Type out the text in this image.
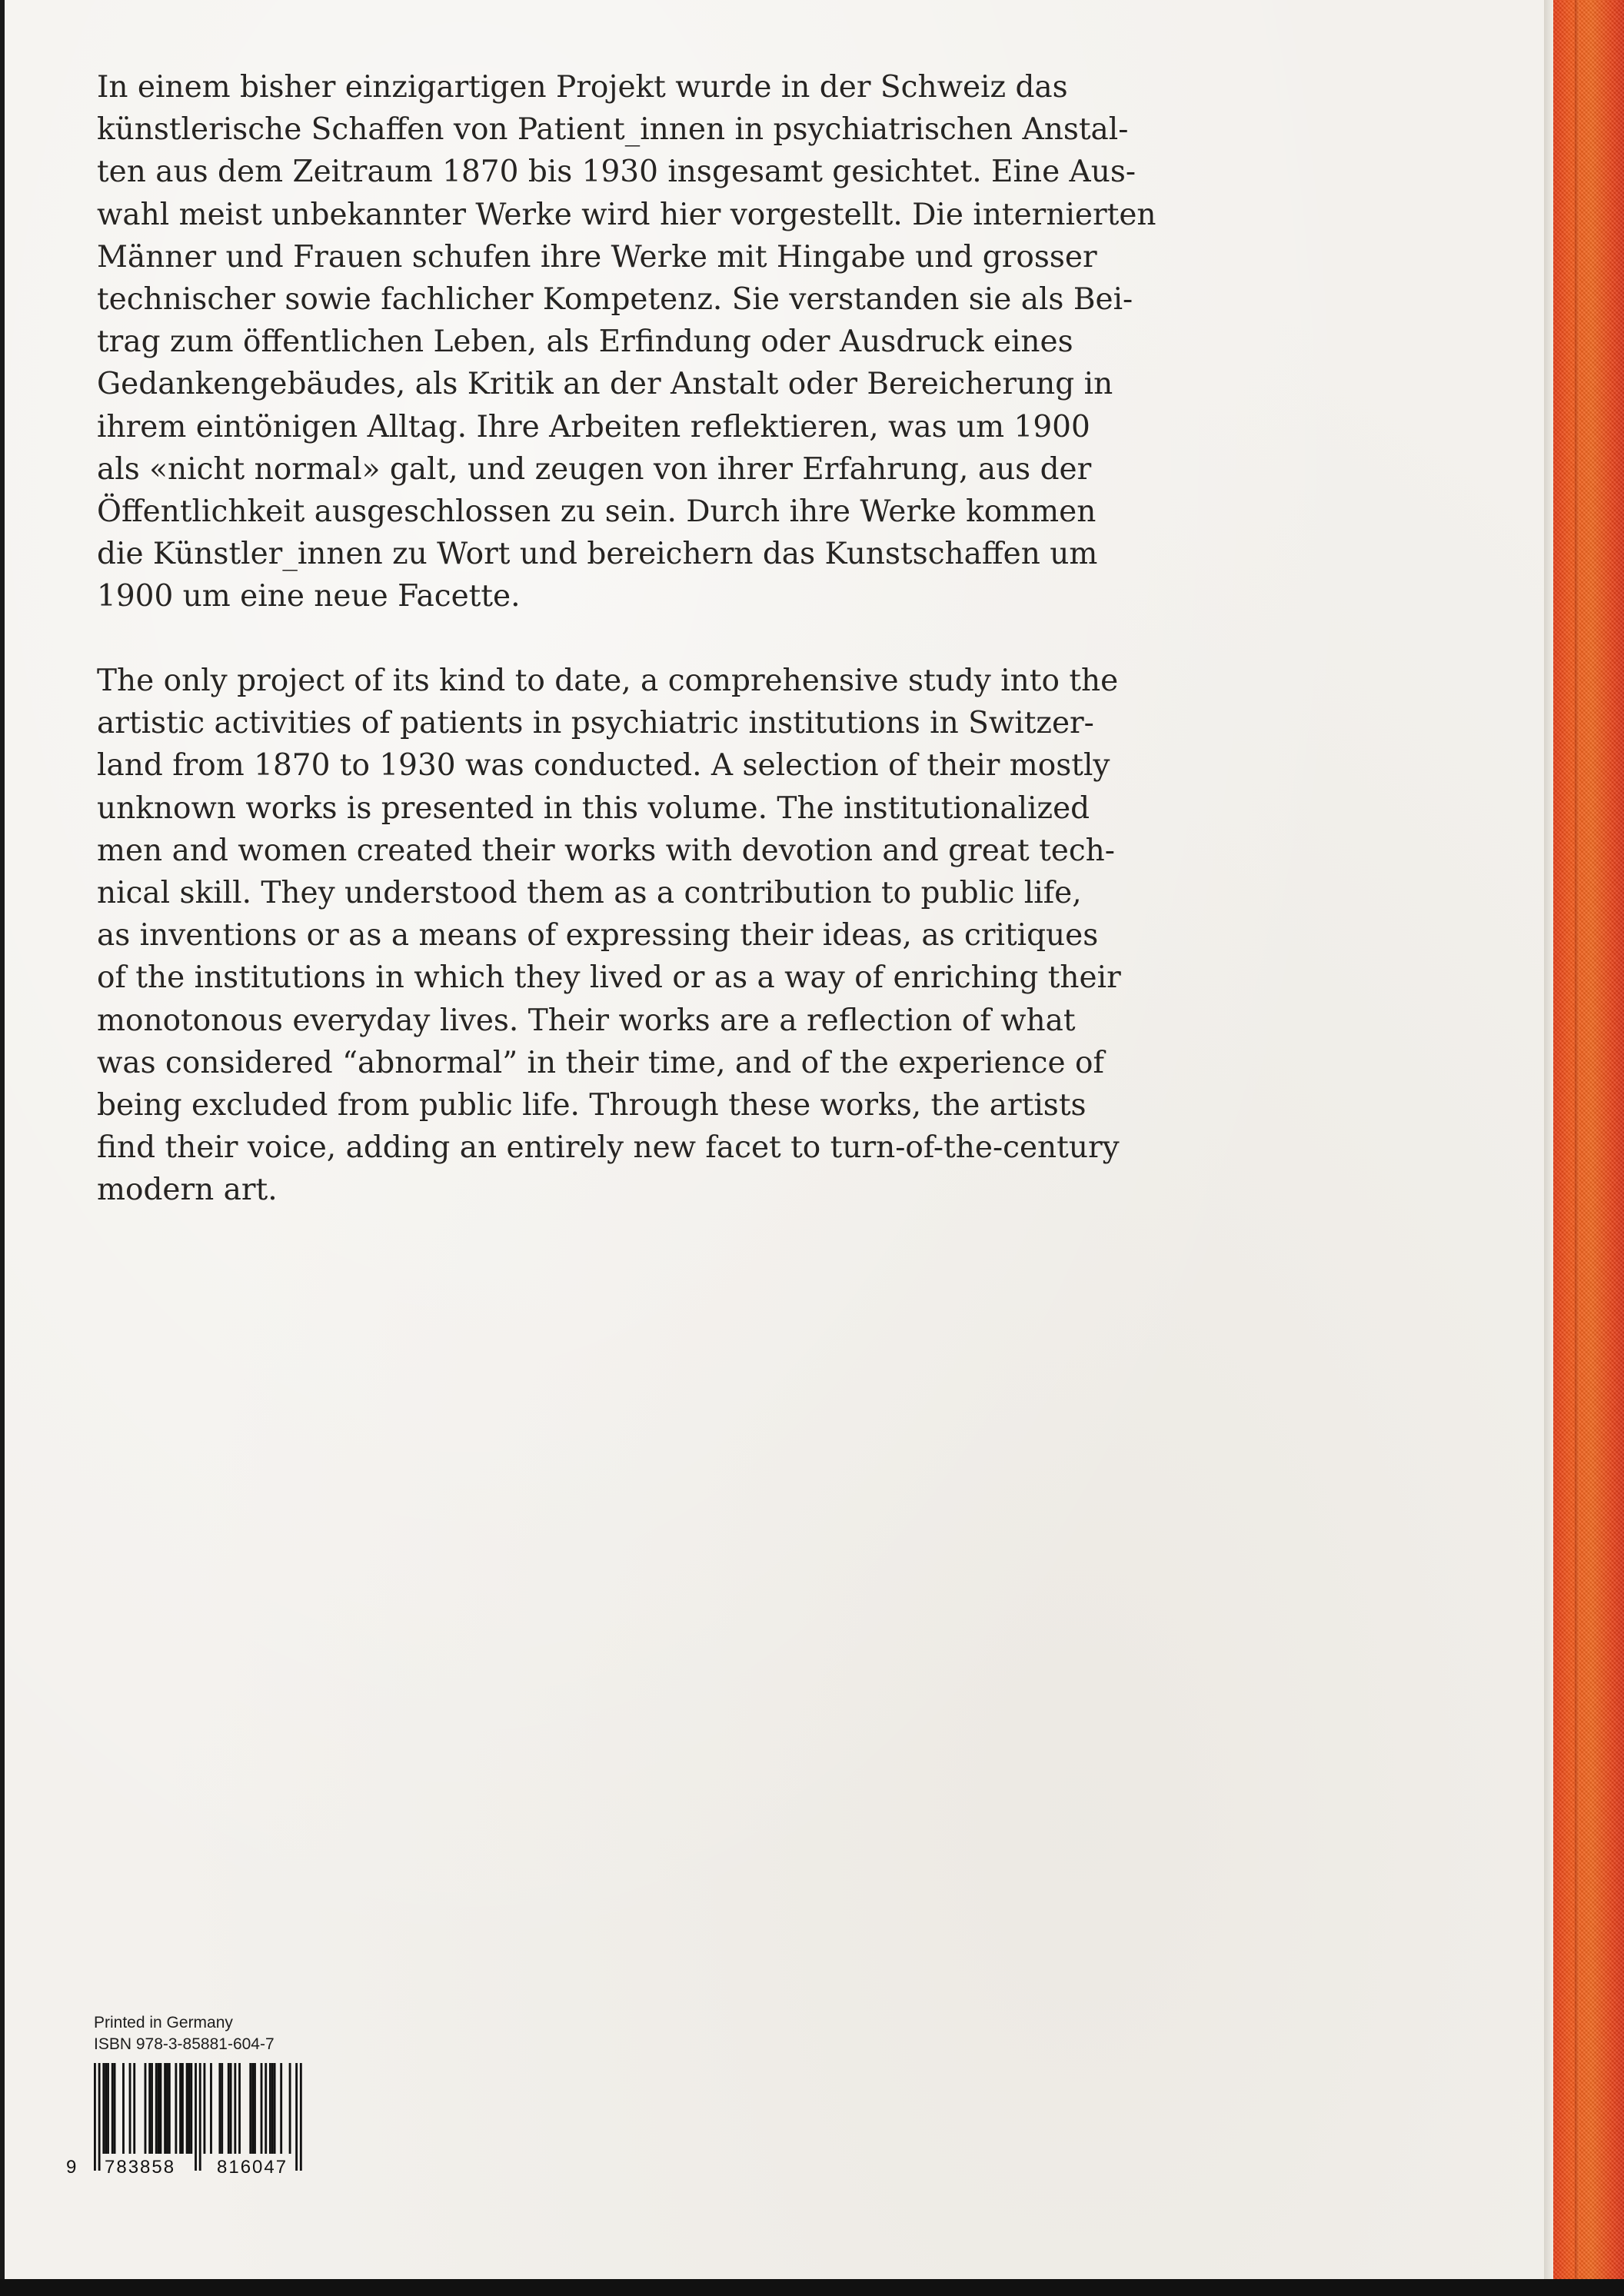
In einem bisher einzigartigen Projekt wurde in der Schweiz das
künstlerische Schaffen von Patient_innen in psychiatrischen Anstal-
ten aus dem Zeitraum 1870 bis 1930 insgesamt gesichtet. Eine Aus-
wahl meist unbekannter Werke wird hier vorgestellt. Die internierten
Männer und Frauen schufen ihre Werke mit Hingabe und grosser
technischer sowie fachlicher Kompetenz. Sie verstanden sie als Bei-
trag zum öffentlichen Leben, als Erfindung oder Ausdruck eines
Gedankengebäudes, als Kritik an der Anstalt oder Bereicherung in
ihrem eintönigen Alltag. Ihre Arbeiten reflektieren, was um 1900
als «nicht normal» galt, und zeugen von ihrer Erfahrung, aus der
Öffentlichkeit ausgeschlossen zu sein. Durch ihre Werke kommen
die Künstler_innen zu Wort und bereichern das Kunstschaffen um
1900 um eine neue Facette.

The only project of its kind to date, a comprehensive study into the
artistic activities of patients in psychiatric institutions in Switzer-
land from 1870 to 1930 was conducted. A selection of their mostly
unknown works is presented in this volume. The institutionalized
men and women created their works with devotion and great tech-
nical skill. They understood them as a contribution to public life,
as inventions or as a means of expressing their ideas, as critiques
of the institutions in which they lived or as a way of enriching their
monotonous everyday lives. Their works are a reflection of what
was considered “abnormal” in their time, and of the experience of
being excluded from public life. Through these works, the artists
find their voice, adding an entirely new facet to turn-of-the-century
modern art.

Printed in Germany
ISBN 978-3-85881-604-7
9 783858 816047
